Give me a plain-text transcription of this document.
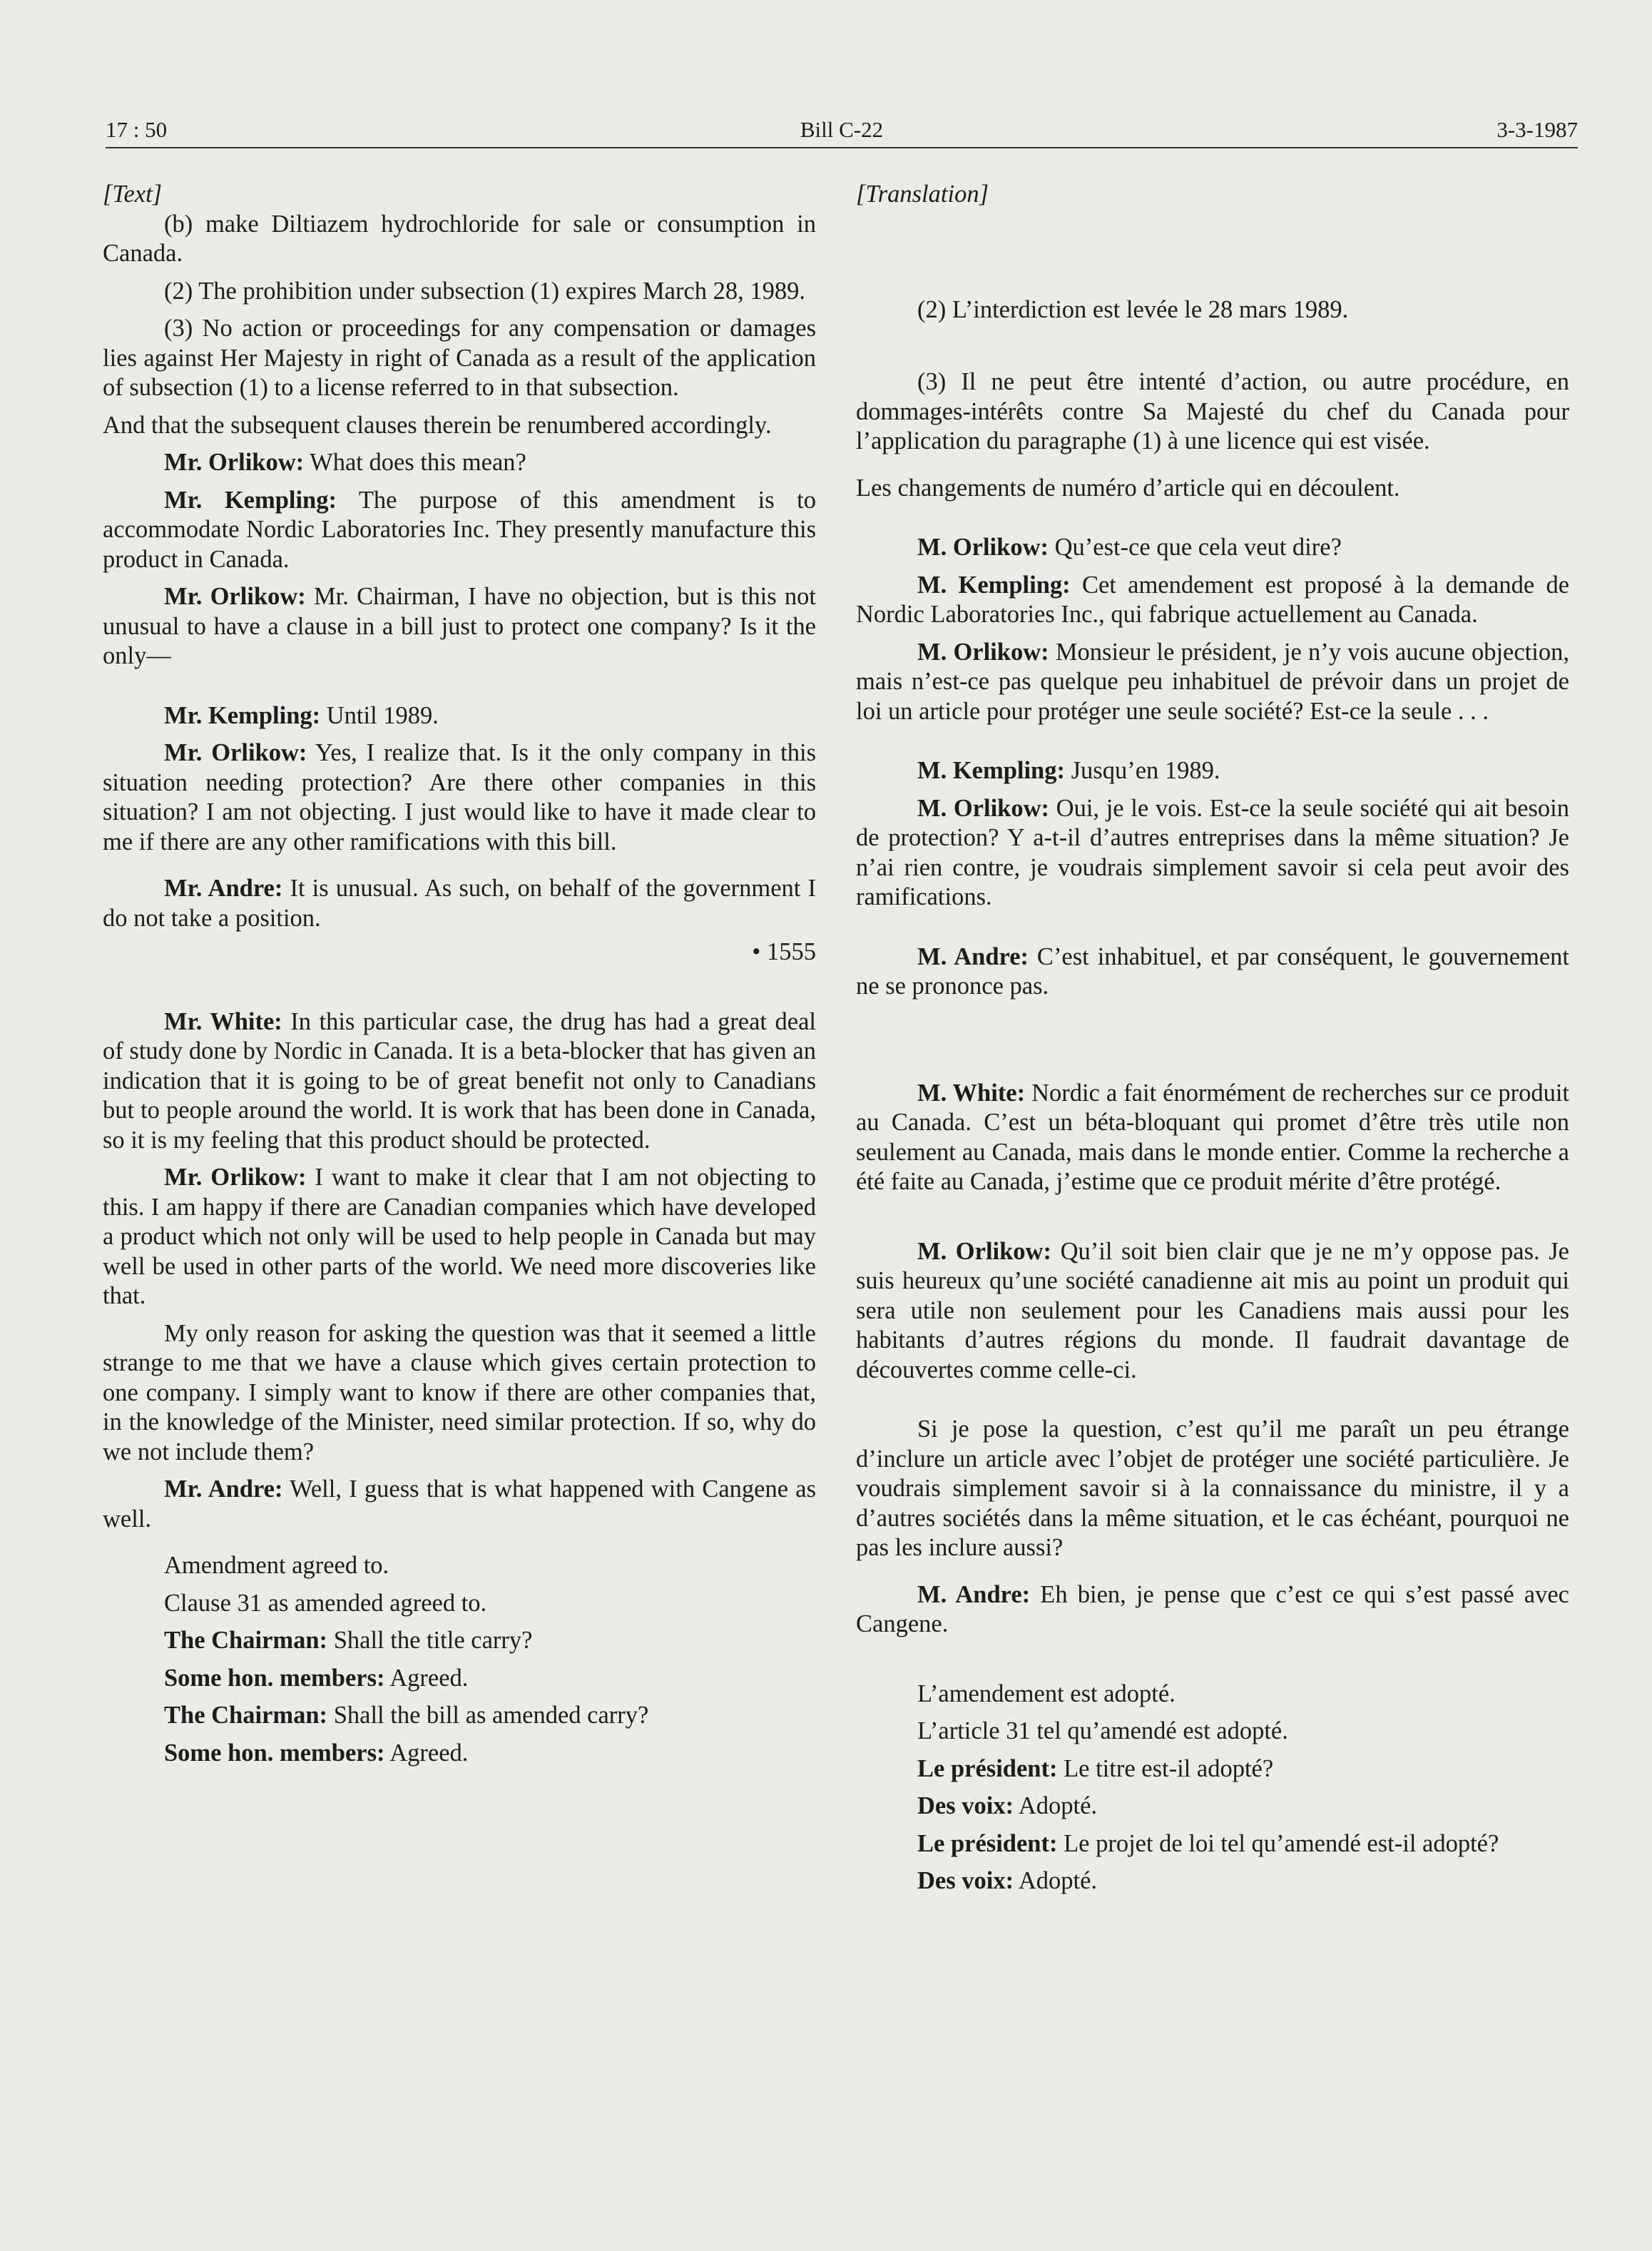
17 : 50	Bill C-22	3-3-1987

[Text]

(b) make Diltiazem hydrochloride for sale or consumption in Canada.

(2) The prohibition under subsection (1) expires March 28, 1989.

(3) No action or proceedings for any compensation or damages lies against Her Majesty in right of Canada as a result of the application of subsection (1) to a license referred to in that subsection.

And that the subsequent clauses therein be renumbered accordingly.

Mr. Orlikow: What does this mean?

Mr. Kempling: The purpose of this amendment is to accommodate Nordic Laboratories Inc. They presently manufacture this product in Canada.

Mr. Orlikow: Mr. Chairman, I have no objection, but is this not unusual to have a clause in a bill just to protect one company? Is it the only—

Mr. Kempling: Until 1989.

Mr. Orlikow: Yes, I realize that. Is it the only company in this situation needing protection? Are there other companies in this situation? I am not objecting. I just would like to have it made clear to me if there are any other ramifications with this bill.

Mr. Andre: It is unusual. As such, on behalf of the government I do not take a position.

• 1555

Mr. White: In this particular case, the drug has had a great deal of study done by Nordic in Canada. It is a beta-blocker that has given an indication that it is going to be of great benefit not only to Canadians but to people around the world. It is work that has been done in Canada, so it is my feeling that this product should be protected.

Mr. Orlikow: I want to make it clear that I am not objecting to this. I am happy if there are Canadian companies which have developed a product which not only will be used to help people in Canada but may well be used in other parts of the world. We need more discoveries like that.

My only reason for asking the question was that it seemed a little strange to me that we have a clause which gives certain protection to one company. I simply want to know if there are other companies that, in the knowledge of the Minister, need similar protection. If so, why do we not include them?

Mr. Andre: Well, I guess that is what happened with Cangene as well.

Amendment agreed to.

Clause 31 as amended agreed to.

The Chairman: Shall the title carry?

Some hon. members: Agreed.

The Chairman: Shall the bill as amended carry?

Some hon. members: Agreed.

[Translation]

(2) L’interdiction est levée le 28 mars 1989.

(3) Il ne peut être intenté d’action, ou autre procédure, en dommages-intérêts contre Sa Majesté du chef du Canada pour l’application du paragraphe (1) à une licence qui est visée.

Les changements de numéro d’article qui en découlent.

M. Orlikow: Qu’est-ce que cela veut dire?

M. Kempling: Cet amendement est proposé à la demande de Nordic Laboratories Inc., qui fabrique actuellement au Canada.

M. Orlikow: Monsieur le président, je n’y vois aucune objection, mais n’est-ce pas quelque peu inhabituel de prévoir dans un projet de loi un article pour protéger une seule société? Est-ce la seule . . .

M. Kempling: Jusqu’en 1989.

M. Orlikow: Oui, je le vois. Est-ce la seule société qui ait besoin de protection? Y a-t-il d’autres entreprises dans la même situation? Je n’ai rien contre, je voudrais simplement savoir si cela peut avoir des ramifications.

M. Andre: C’est inhabituel, et par conséquent, le gouvernement ne se prononce pas.

M. White: Nordic a fait énormément de recherches sur ce produit au Canada. C’est un béta-bloquant qui promet d’être très utile non seulement au Canada, mais dans le monde entier. Comme la recherche a été faite au Canada, j’estime que ce produit mérite d’être protégé.

M. Orlikow: Qu’il soit bien clair que je ne m’y oppose pas. Je suis heureux qu’une société canadienne ait mis au point un produit qui sera utile non seulement pour les Canadiens mais aussi pour les habitants d’autres régions du monde. Il faudrait davantage de découvertes comme celle-ci.

Si je pose la question, c’est qu’il me paraît un peu étrange d’inclure un article avec l’objet de protéger une société particulière. Je voudrais simplement savoir si à la connaissance du ministre, il y a d’autres sociétés dans la même situation, et le cas échéant, pourquoi ne pas les inclure aussi?

M. Andre: Eh bien, je pense que c’est ce qui s’est passé avec Cangene.

L’amendement est adopté.

L’article 31 tel qu’amendé est adopté.

Le président: Le titre est-il adopté?

Des voix: Adopté.

Le président: Le projet de loi tel qu’amendé est-il adopté?

Des voix: Adopté.
